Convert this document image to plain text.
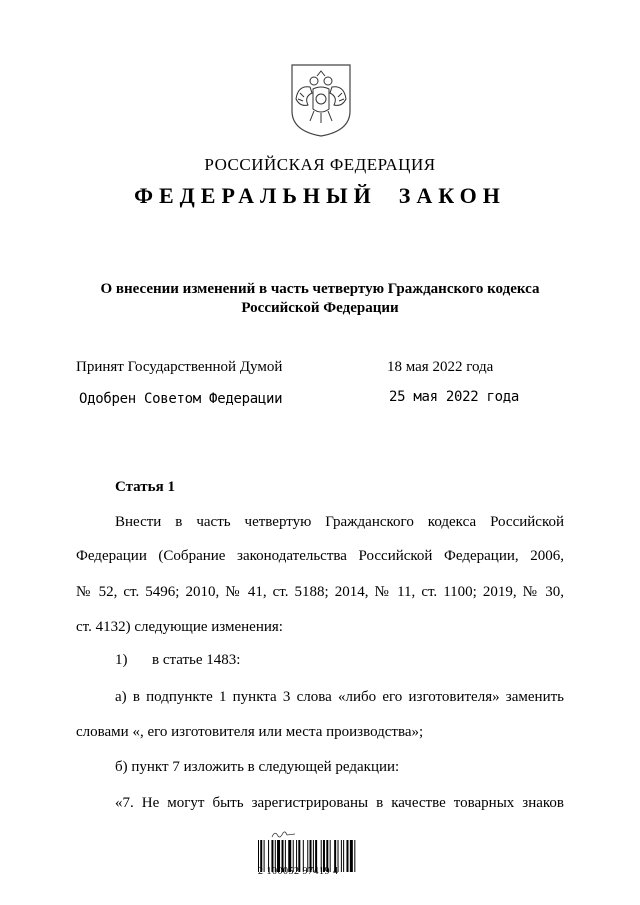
РОССИЙСКАЯ ФЕДЕРАЦИЯ
ФЕДЕРАЛЬНЫЙ ЗАКОН
О внесении изменений в часть четвертую Гражданского кодекса
Российской Федерации
Принят Государственной Думой	18 мая 2022 года
Одобрен Советом Федерации	25 мая 2022 года
Статья 1
Внести в часть четвертую Гражданского кодекса Российской
Федерации (Собрание законодательства Российской Федерации, 2006,
№ 52, ст. 5496; 2010, № 41, ст. 5188; 2014, № 11, ст. 1100; 2019, № 30,
ст. 4132) следующие изменения:
1) в статье 1483:
а) в подпункте 1 пункта 3 слова «либо его изготовителя» заменить
словами «, его изготовителя или места производства»;
б) пункт 7 изложить в следующей редакции:
«7. Не могут быть зарегистрированы в качестве товарных знаков
2 100052 97419 4
